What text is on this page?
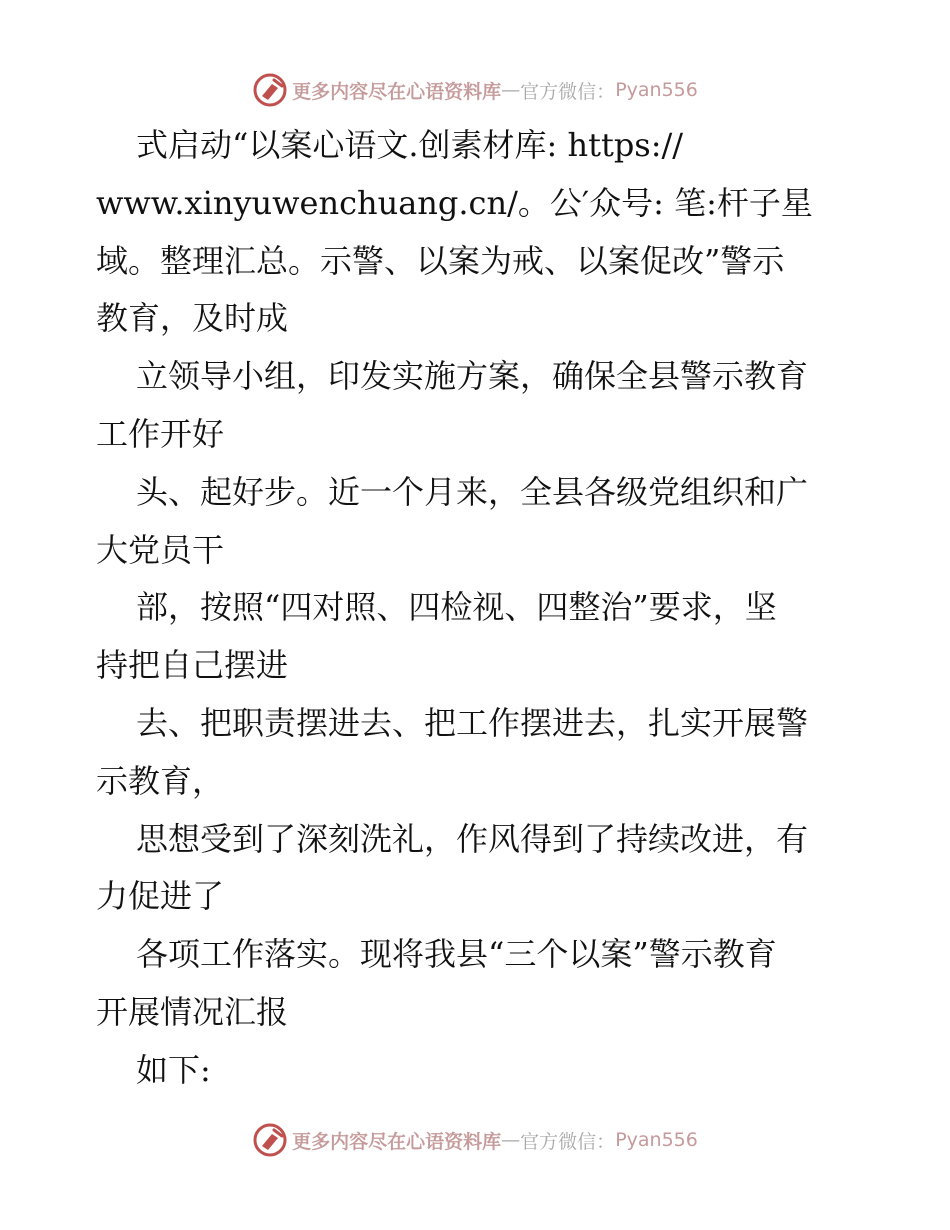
更多内容尽在心语资料库 — 官方微信： Pyan556
式启动“以案心语文.创素材库: https://
www.xinyuwenchuang.cn/。公′众号: 笔:杆子星
域。整理汇总。示警、以案为戒、以案促改”警示
教育，及时成
立领导小组，印发实施方案，确保全县警示教育
工作开好
头、起好步。近一个月来，全县各级党组织和广
大党员干
部，按照“四对照、四检视、四整治”要求，坚
持把自己摆进
去、把职责摆进去、把工作摆进去，扎实开展警
示教育，
思想受到了深刻洗礼，作风得到了持续改进，有
力促进了
各项工作落实。现将我县“三个以案”警示教育
开展情况汇报
如下:
更多内容尽在心语资料库 — 官方微信： Pyan556
